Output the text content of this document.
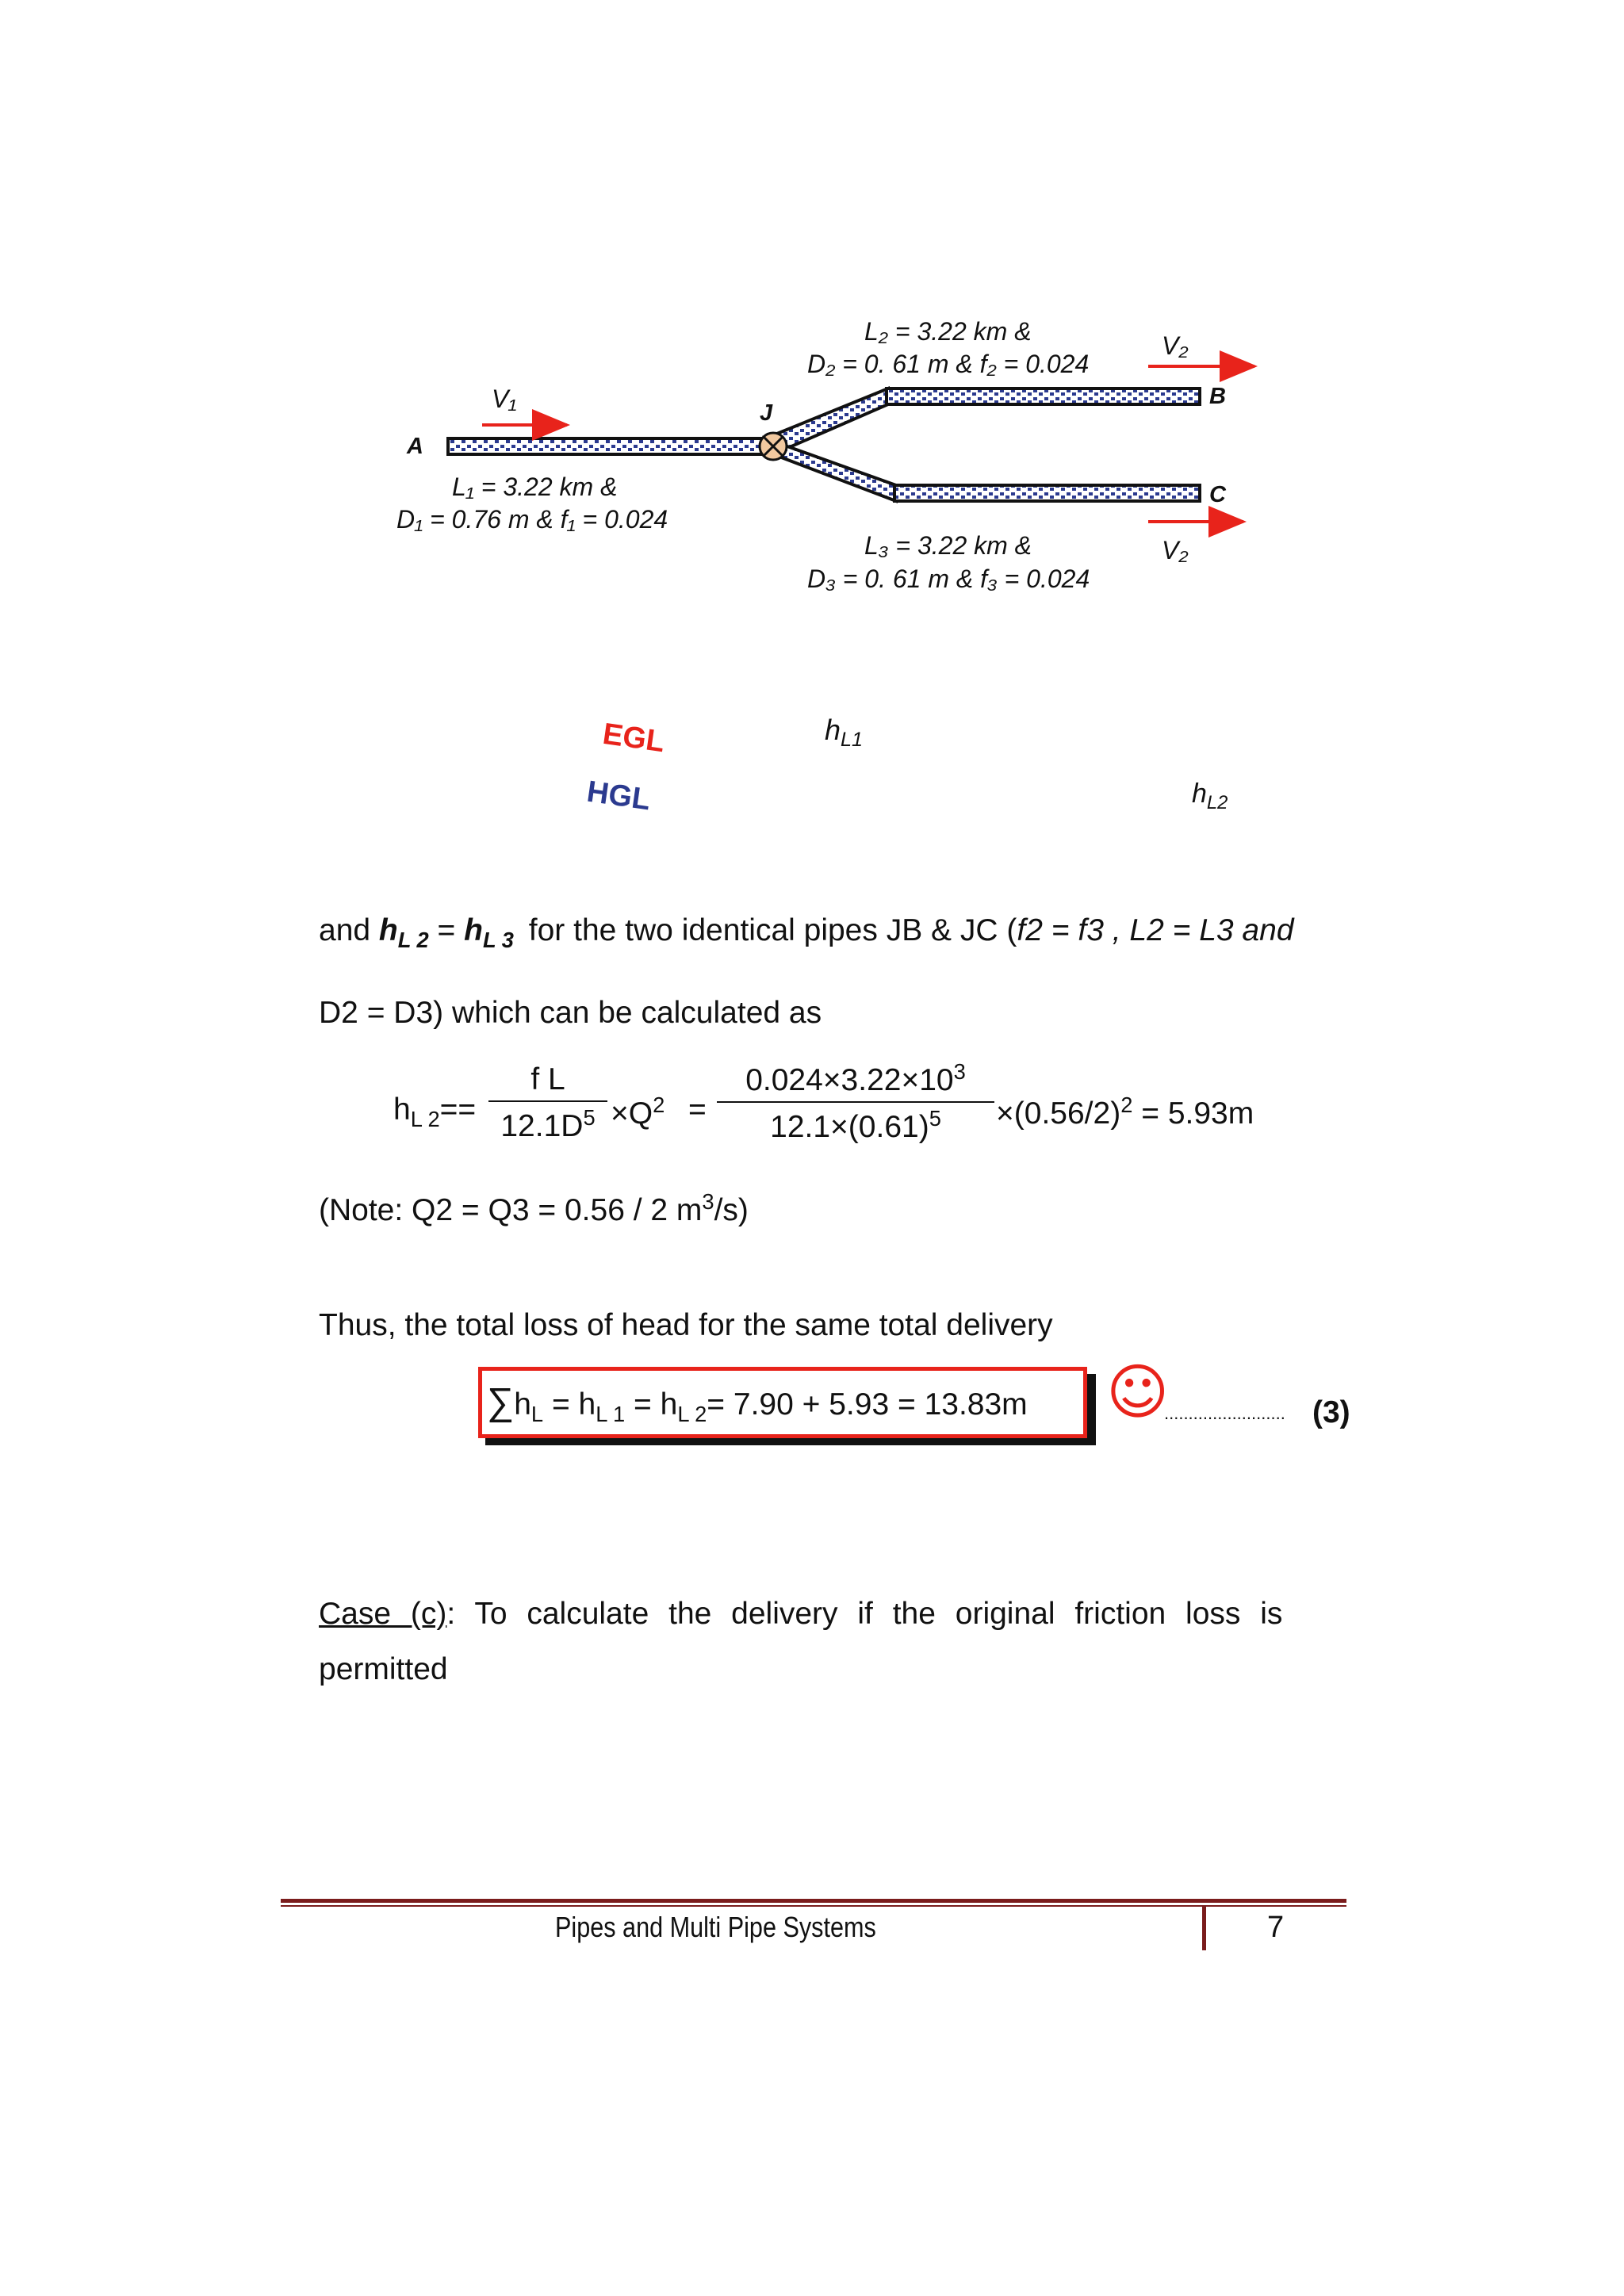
L₂ = 3.22 km &
D₂ = 0. 61 m & f₂ = 0.024
V₂
V₁	J
B
A
C
L₁ = 3.22 km &
D₁ = 0.76 m & f₁ = 0.024
L₃ = 3.22 km &
D₃ = 0. 61 m & f₃ = 0.024
V₂
EGL
HGL
$h_{L1}$
$h_{L2}$
and $h_{L 2} = h_{L 3}$ for the two identical pipes JB & JC (f2 = f3 , L2 = L3 and
D2 = D3) which can be calculated as
$h_{L 2}== \frac{\text{f L}}{12.1D^5} \times Q^2 = \frac{0.024\times 3.22\times 10^3}{12.1\times(0.61)^5} \times(0.56/2)^2 = 5.93m$
(Note: Q2 = Q3 = 0.56 / 2 $m^3/s$)
Thus, the total loss of head for the same total delivery
$\sum h_L = h_{L 1} = h_{L 2}= 7.90 + 5.93 = 13.83m$ ☺
......................... (3)
Case (c): To calculate the delivery if the original friction loss is
permitted
Pipes and Multi Pipe Systems	7
